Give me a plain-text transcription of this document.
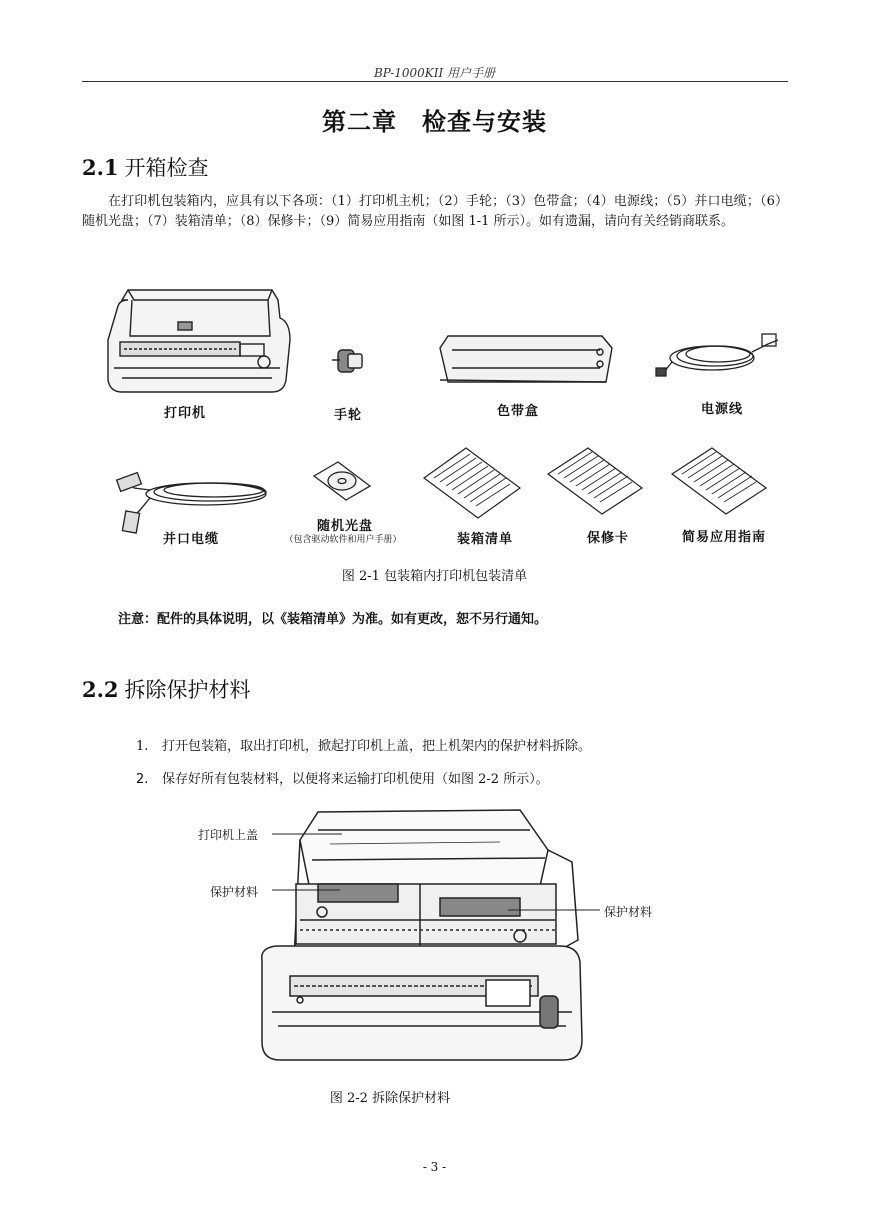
BP-1000KII 用户手册
第二章　检查与安装
2.1 开箱检查
在打印机包装箱内，应具有以下各项：（1）打印机主机；（2）手轮；（3）色带盒；（4）电源线；（5）并口电缆；（6）随机光盘；（7）装箱清单；（8）保修卡；（9）简易应用指南（如图 1-1 所示）。如有遗漏，请向有关经销商联系。
打印机	手轮	色带盒	电源线
并口电缆
随机光盘
（包含驱动软件和用户手册）	装箱清单	保修卡	简易应用指南
图 2-1 包装箱内打印机包装清单
注意：配件的具体说明，以《装箱清单》为准。如有更改，恕不另行通知。
2.2 拆除保护材料
1. 打开包装箱，取出打印机，掀起打印机上盖，把上机架内的保护材料拆除。
2. 保存好所有包装材料，以便将来运输打印机使用（如图 2-2 所示）。
打印机上盖
保护材料
保护材料
图 2-2 拆除保护材料
- 3 -
